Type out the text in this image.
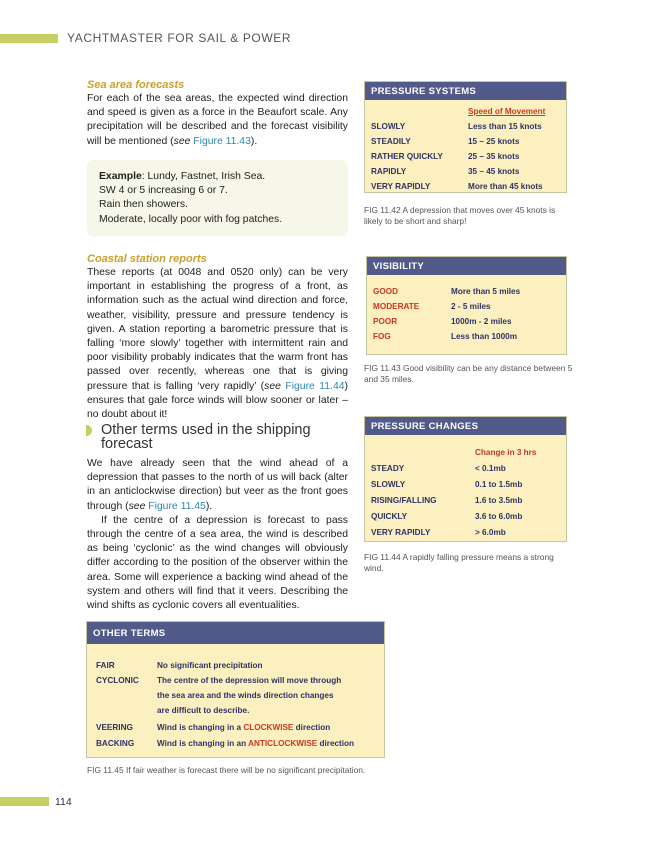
YACHTMASTER FOR SAIL & POWER
Sea area forecasts

For each of the sea areas, the expected wind direction and speed is given as a force in the Beaufort scale. Any precipitation will be described and the forecast visibility will be mentioned (see Figure 11.43).

Example: Lundy, Fastnet, Irish Sea.
SW 4 or 5 increasing 6 or 7.
Rain then showers.
Moderate, locally poor with fog patches.
Coastal station reports

These reports (at 0048 and 0520 only) can be very important in establishing the progress of a front, as information such as the actual wind direction and force, weather, visibility, pressure and pressure tendency is given. A station reporting a barometric pressure that is falling ‘more slowly’ together with intermittent rain and poor visibility probably indicates that the warm front has passed over recently, whereas one that is giving pressure that is falling ‘very rapidly’ (see Figure 11.44) ensures that gale force winds will blow sooner or later – no doubt about it!

Other terms used in the shipping forecast

We have already seen that the wind ahead of a depression that passes to the north of us will back (alter in an anticlockwise direction) but veer as the front goes through (see Figure 11.45).

If the centre of a depression is forecast to pass through the centre of a sea area, the wind is described as being ‘cyclonic’ as the wind changes will obviously differ according to the position of the observer within the area. Some will experience a backing wind ahead of the system and others will find that it veers. Describing the wind shifts as cyclonic covers all eventualities.

PRESSURE SYSTEMS
Speed of Movement
SLOWLY	Less than 15 knots
STEADILY	15 – 25 knots
RATHER QUICKLY	25 – 35 knots
RAPIDLY	35 – 45 knots
VERY RAPIDLY	More than 45 knots
FIG 11.42 A depression that moves over 45 knots is likely to be short and sharp!
VISIBILITY
GOOD	More than 5 miles
MODERATE	2 - 5 miles
POOR	1000m - 2 miles
FOG	Less than 1000m
FIG 11.43 Good visibility can be any distance between 5 and 35 miles.
PRESSURE CHANGES
Change in 3 hrs
STEADY	< 0.1mb
SLOWLY	0.1 to 1.5mb
RISING/FALLING	1.6 to 3.5mb
QUICKLY	3.6 to 6.0mb
VERY RAPIDLY	> 6.0mb
FIG 11.44 A rapidly falling pressure means a strong wind.
OTHER TERMS
FAIR	No significant precipitation
CYCLONIC The centre of the depression will move through
the sea area and the winds direction changes
are difficult to describe.
VEERING	Wind is changing in a CLOCKWISE direction
BACKING	Wind is changing in an ANTICLOCKWISE direction
FIG 11.45 If fair weather is forecast there will be no significant precipitation.
114
